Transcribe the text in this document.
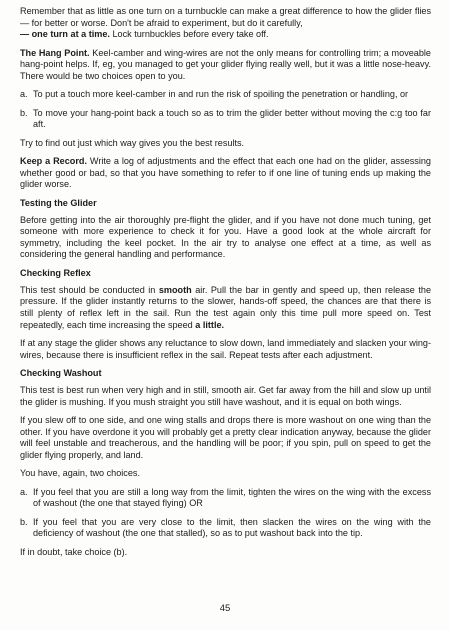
Remember that as little as one turn on a turnbuckle can make a great difference to how the glider flies — for better or worse. Don't be afraid to experiment, but do it carefully,
— one turn at a time. Lock turnbuckles before every take off.

The Hang Point. Keel-camber and wing-wires are not the only means for controlling trim; a moveable hang-point helps. If, eg, you managed to get your glider flying really well, but it was a little nose-heavy. There would be two choices open to you.

a. To put a touch more keel-camber in and run the risk of spoiling the penetration or handling, or
b. To move your hang-point back a touch so as to trim the glider better without moving the c:g too far aft.

Try to find out just which way gives you the best results.

Keep a Record. Write a log of adjustments and the effect that each one had on the glider, assessing whether good or bad, so that you have something to refer to if one line of tuning ends up making the glider worse.

Testing the Glider

Before getting into the air thoroughly pre-flight the glider, and if you have not done much tuning, get someone with more experience to check it for you. Have a good look at the whole aircraft for symmetry, including the keel pocket. In the air try to analyse one effect at a time, as well as considering the general handling and performance.

Checking Reflex

This test should be conducted in smooth air. Pull the bar in gently and speed up, then release the pressure. If the glider instantly returns to the slower, hands-off speed, the chances are that there is still plenty of reflex left in the sail. Run the test again only this time pull more speed on. Test repeatedly, each time increasing the speed a little.

If at any stage the glider shows any reluctance to slow down, land immediately and slacken your wing-wires, because there is insufficient reflex in the sail. Repeat tests after each adjustment.

Checking Washout

This test is best run when very high and in still, smooth air. Get far away from the hill and slow up until the glider is mushing. If you mush straight you still have washout, and it is equal on both wings.

If you slew off to one side, and one wing stalls and drops there is more washout on one wing than the other. If you have overdone it you will probably get a pretty clear indication anyway, because the glider will feel unstable and treacherous, and the handling will be poor; if you spin, pull on speed to get the glider flying properly, and land.

You have, again, two choices.

a. If you feel that you are still a long way from the limit, tighten the wires on the wing with the excess of washout (the one that stayed flying) OR
b. If you feel that you are very close to the limit, then slacken the wires on the wing with the deficiency of washout (the one that stalled), so as to put washout back into the tip.

If in doubt, take choice (b).

45
